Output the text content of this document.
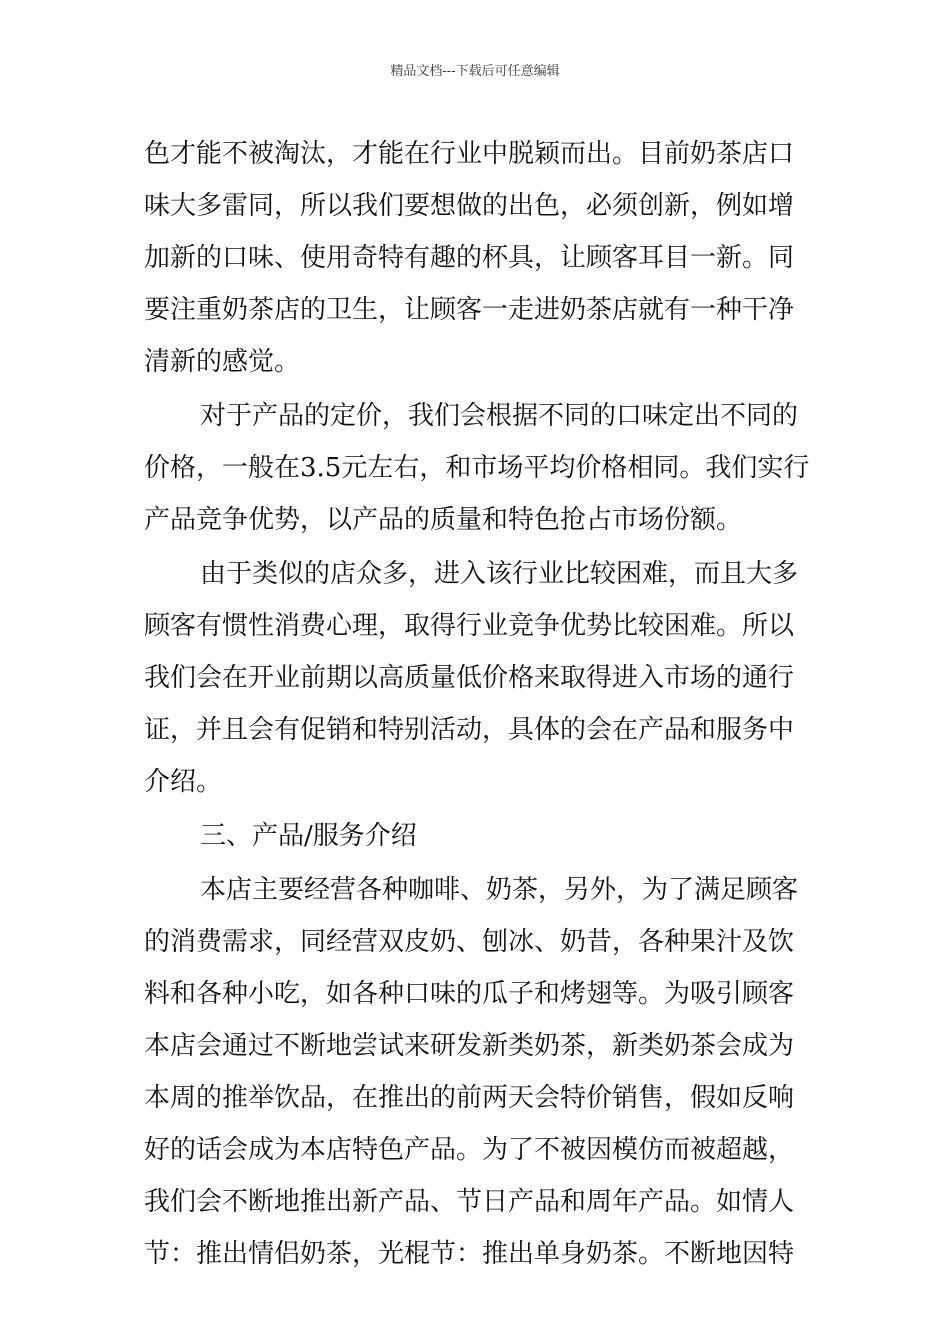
精品文档---下载后可任意编辑
色才能不被淘汰，才能在行业中脱颖而出。目前奶茶店口
味大多雷同，所以我们要想做的出色，必须创新，例如增
加新的口味、使用奇特有趣的杯具，让顾客耳目一新。同
要注重奶茶店的卫生，让顾客一走进奶茶店就有一种干净
清新的感觉。
对于产品的定价，我们会根据不同的口味定出不同的
价格，一般在3.5元左右，和市场平均价格相同。我们实行
产品竞争优势，以产品的质量和特色抢占市场份额。
由于类似的店众多，进入该行业比较困难，而且大多
顾客有惯性消费心理，取得行业竞争优势比较困难。所以
我们会在开业前期以高质量低价格来取得进入市场的通行
证，并且会有促销和特别活动，具体的会在产品和服务中
介绍。
三、产品/服务介绍
本店主要经营各种咖啡、奶茶，另外，为了满足顾客
的消费需求，同经营双皮奶、刨冰、奶昔，各种果汁及饮
料和各种小吃，如各种口味的瓜子和烤翅等。为吸引顾客
本店会通过不断地尝试来研发新类奶茶，新类奶茶会成为
本周的推举饮品，在推出的前两天会特价销售，假如反响
好的话会成为本店特色产品。为了不被因模仿而被超越，
我们会不断地推出新产品、节日产品和周年产品。如情人
节：推出情侣奶茶，光棍节：推出单身奶茶。不断地因特
